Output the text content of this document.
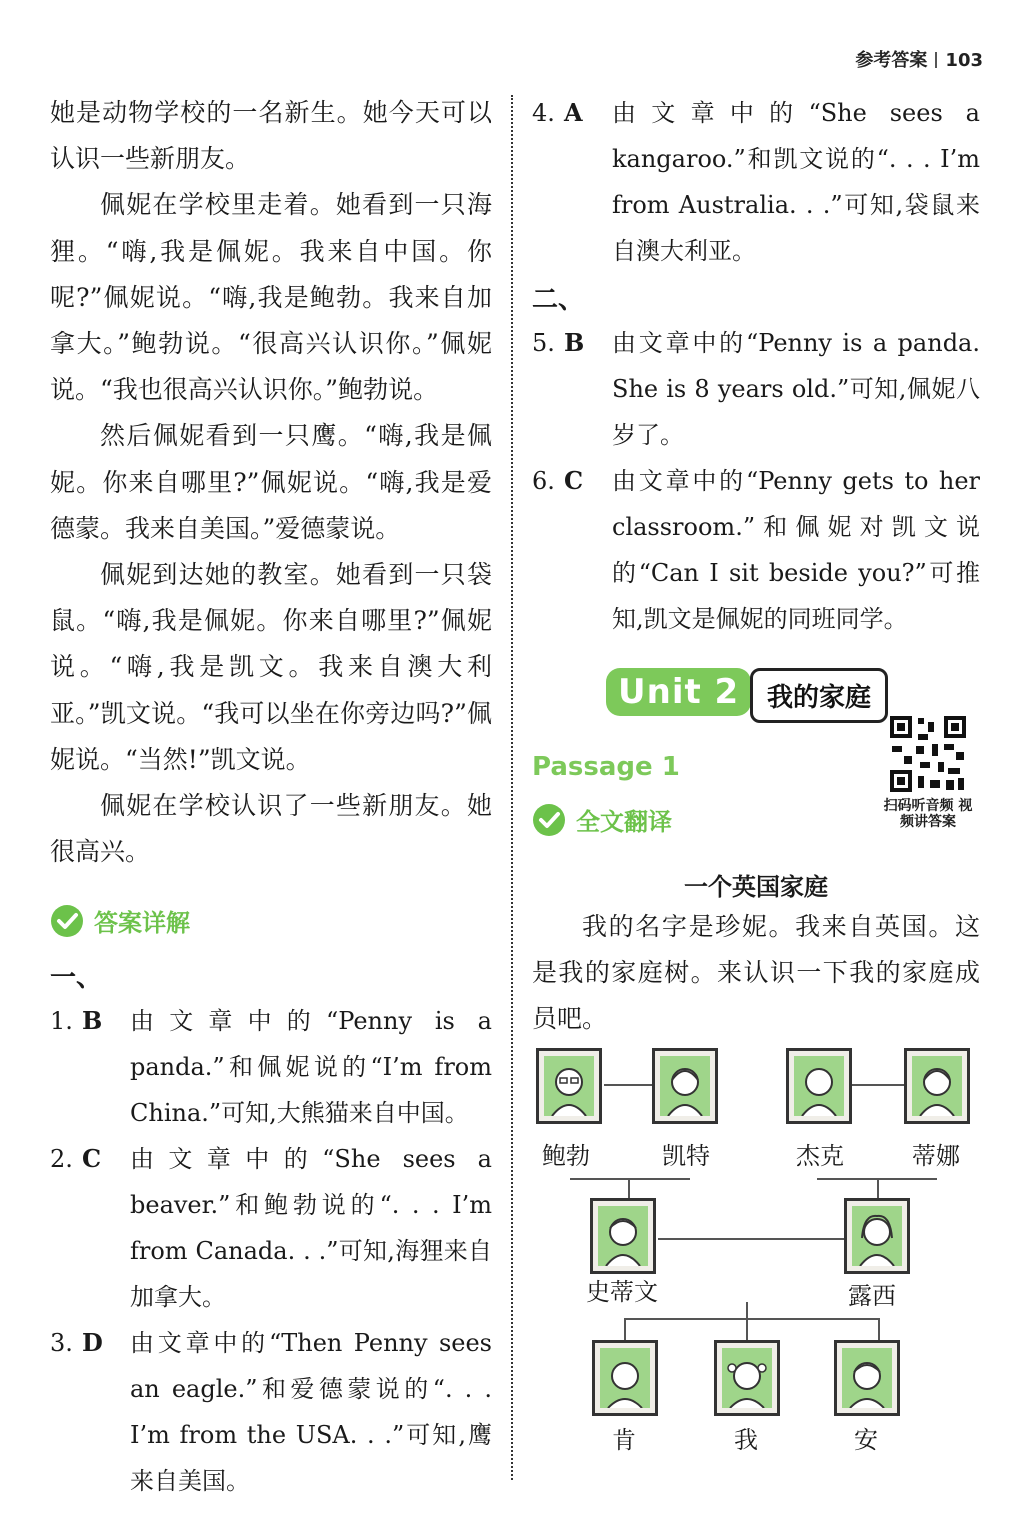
参考答案 103

她是动物学校的一名新生。她今天可以认识一些新朋友。

佩妮在学校里走着。她看到一只海狸。“嗨,我是佩妮。我来自中国。你呢?”佩妮说。“嗨,我是鲍勃。我来自加拿大。”鲍勃说。“很高兴认识你。”佩妮说。“我也很高兴认识你。”鲍勃说。

然后佩妮看到一只鹰。“嗨,我是佩妮。你来自哪里?”佩妮说。“嗨,我是爱德蒙。我来自美国。”爱德蒙说。

佩妮到达她的教室。她看到一只袋鼠。“嗨,我是佩妮。你来自哪里?”佩妮说。“嗨,我是凯文。我来自澳大利亚。”凯文说。“我可以坐在你旁边吗?”佩妮说。“当然!”凯文说。

佩妮在学校认识了一些新朋友。她很高兴。

答案详解
一、
1. B	由文章中的“Penny is a panda.”和佩妮说的“I’m from China.”可知,大熊猫来自中国。
2. C	由文章中的“She sees a beaver.”和鲍勃说的“. . . I’m from Canada. . .”可知,海狸来自加拿大。
3. D	由文章中的“Then Penny sees an eagle.”和爱德蒙说的“. . . I’m from the USA. . .”可知,鹰来自美国。
4. A	由文章中的“She sees a kangaroo.”和凯文说的“. . . I’m from Australia. . .”可知,袋鼠来自澳大利亚。
二、
5. B	由文章中的“Penny is a panda. She is 8 years old.”可知,佩妮八岁了。
6. C	由文章中的“Penny gets to her classroom.”和佩妮对凯文说的“Can I sit beside you?”可推知,凯文是佩妮的同班同学。
Unit 2	我的家庭
Passage 1
扫码听音频 视频讲答案
全文翻译
一个英国家庭

我的名字是珍妮。我来自英国。这是我的家庭树。来认识一下我的家庭成员吧。

鲍勃	凯特	杰克	蒂娜
史蒂文	露西
肯	我	安
